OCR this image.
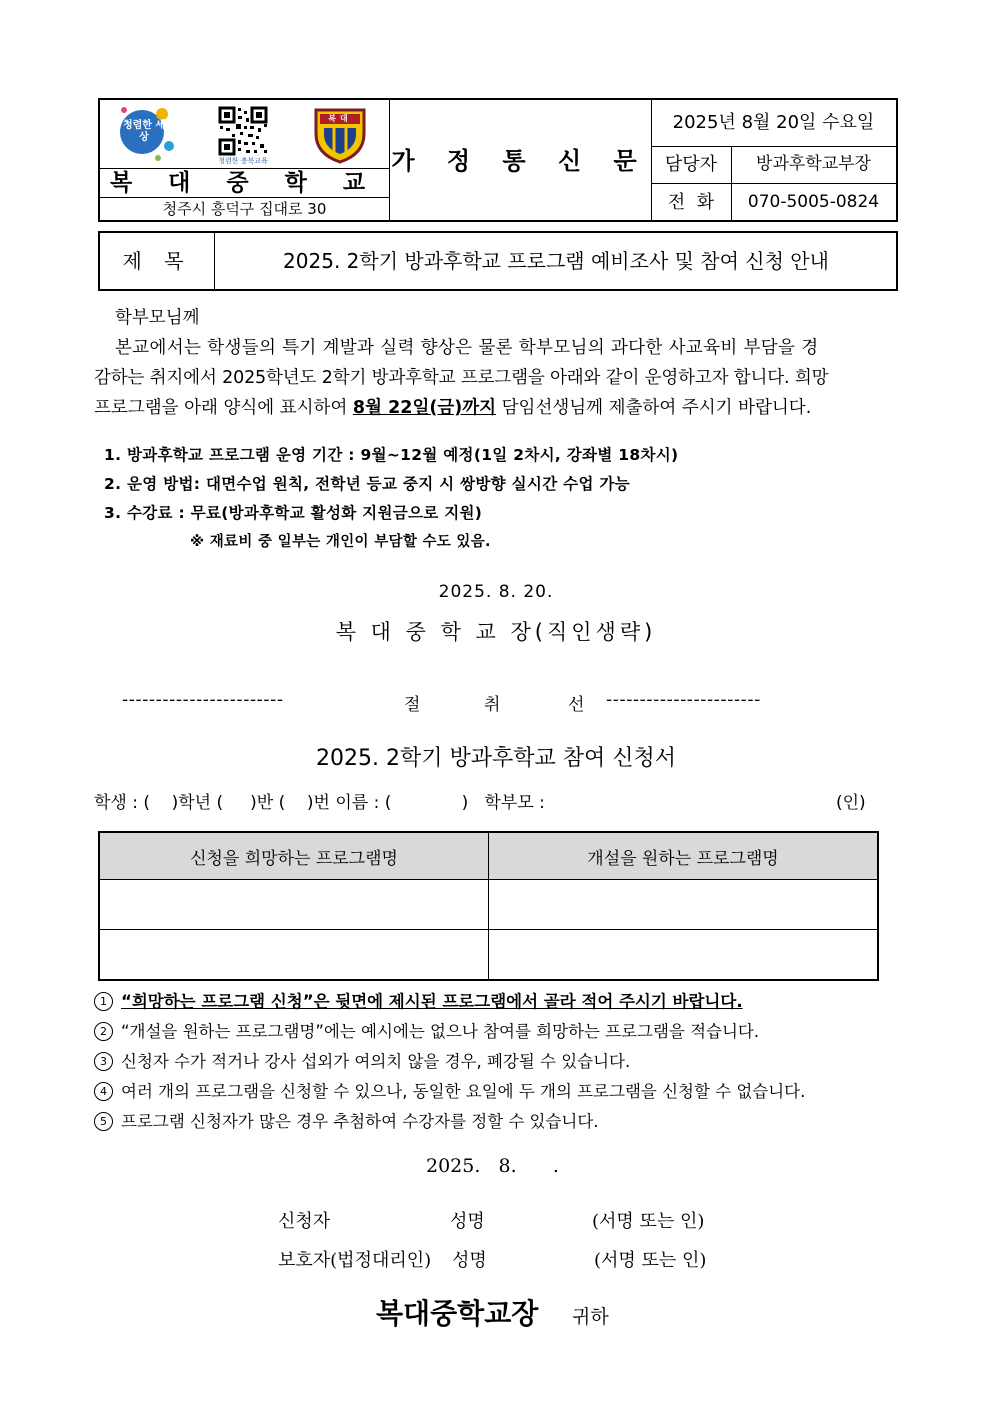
청렴한 세상
청렴한 충북교육
복대
복 대 중 학 교
청주시 흥덕구 집대로 30
가 정 통 신 문
2025년 8월 20일 수요일
담당자	방과후학교부장
전  화	070-5005-0824
제 목	2025. 2학기 방과후학교 프로그램 예비조사 및 참여 신청 안내
학부모님께
본교에서는 학생들의 특기 계발과 실력 향상은 물론 학부모님의 과다한 사교육비 부담을 경
감하는 취지에서 2025학년도 2학기 방과후학교 프로그램을 아래와 같이 운영하고자 합니다. 희망
프로그램을 아래 양식에 표시하여 8월 22일(금)까지 담임선생님께 제출하여 주시기 바랍니다.
1. 방과후학교 프로그램 운영 기간 : 9월~12월 예정(1일 2차시, 강좌별 18차시)
2. 운영 방법: 대면수업 원칙, 전학년 등교 중지 시 쌍방향 실시간 수업 가능
3. 수강료 : 무료(방과후학교 활성화 지원금으로 지원)
※ 재료비 중 일부는 개인이 부담할 수도 있음.
2025. 8. 20.
복 대 중 학 교 장(직인생략)
------------------------	절	취	선 -----------------------
2025. 2학기 방과후학교 참여 신청서
학생 : (    )학년 (     )반 (    )번 이름 : (             )   학부모 :	(인)
신청을 희망하는 프로그램명	개설을 원하는 프로그램명

1 “희망하는 프로그램 신청”은 뒷면에 제시된 프로그램에서 골라 적어 주시기 바랍니다.
2 “개설을 원하는 프로그램명”에는 예시에는 없으나 참여를 희망하는 프로그램을 적습니다.
3 신청자 수가 적거나 강사 섭외가 여의치 않을 경우, 폐강될 수 있습니다.
4 여러 개의 프로그램을 신청할 수 있으나, 동일한 요일에 두 개의 프로그램을 신청할 수 없습니다.
5 프로그램 신청자가 많은 경우 추첨하여 수강자를 정할 수 있습니다.
2025.   8.      .
신청자	성명	(서명 또는 인)
보호자(법정대리인) 성명	(서명 또는 인)
복대중학교장 귀하
